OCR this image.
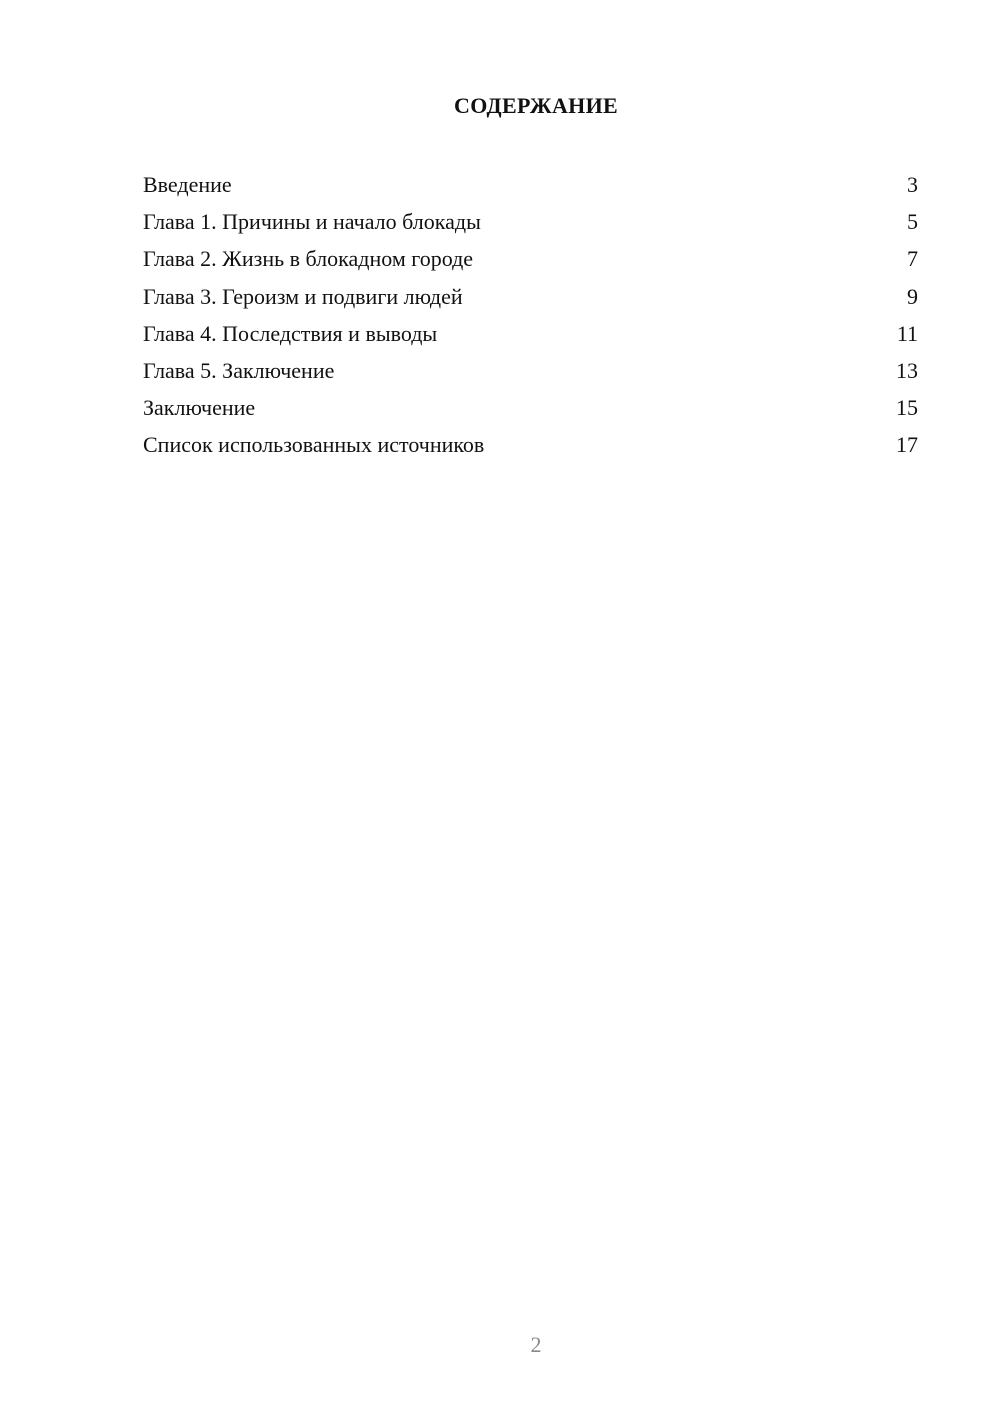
СОДЕРЖАНИЕ
Введение	3
Глава 1. Причины и начало блокады	5
Глава 2. Жизнь в блокадном городе	7
Глава 3. Героизм и подвиги людей	9
Глава 4. Последствия и выводы	11
Глава 5. Заключение	13
Заключение	15
Список использованных источников	17
2
